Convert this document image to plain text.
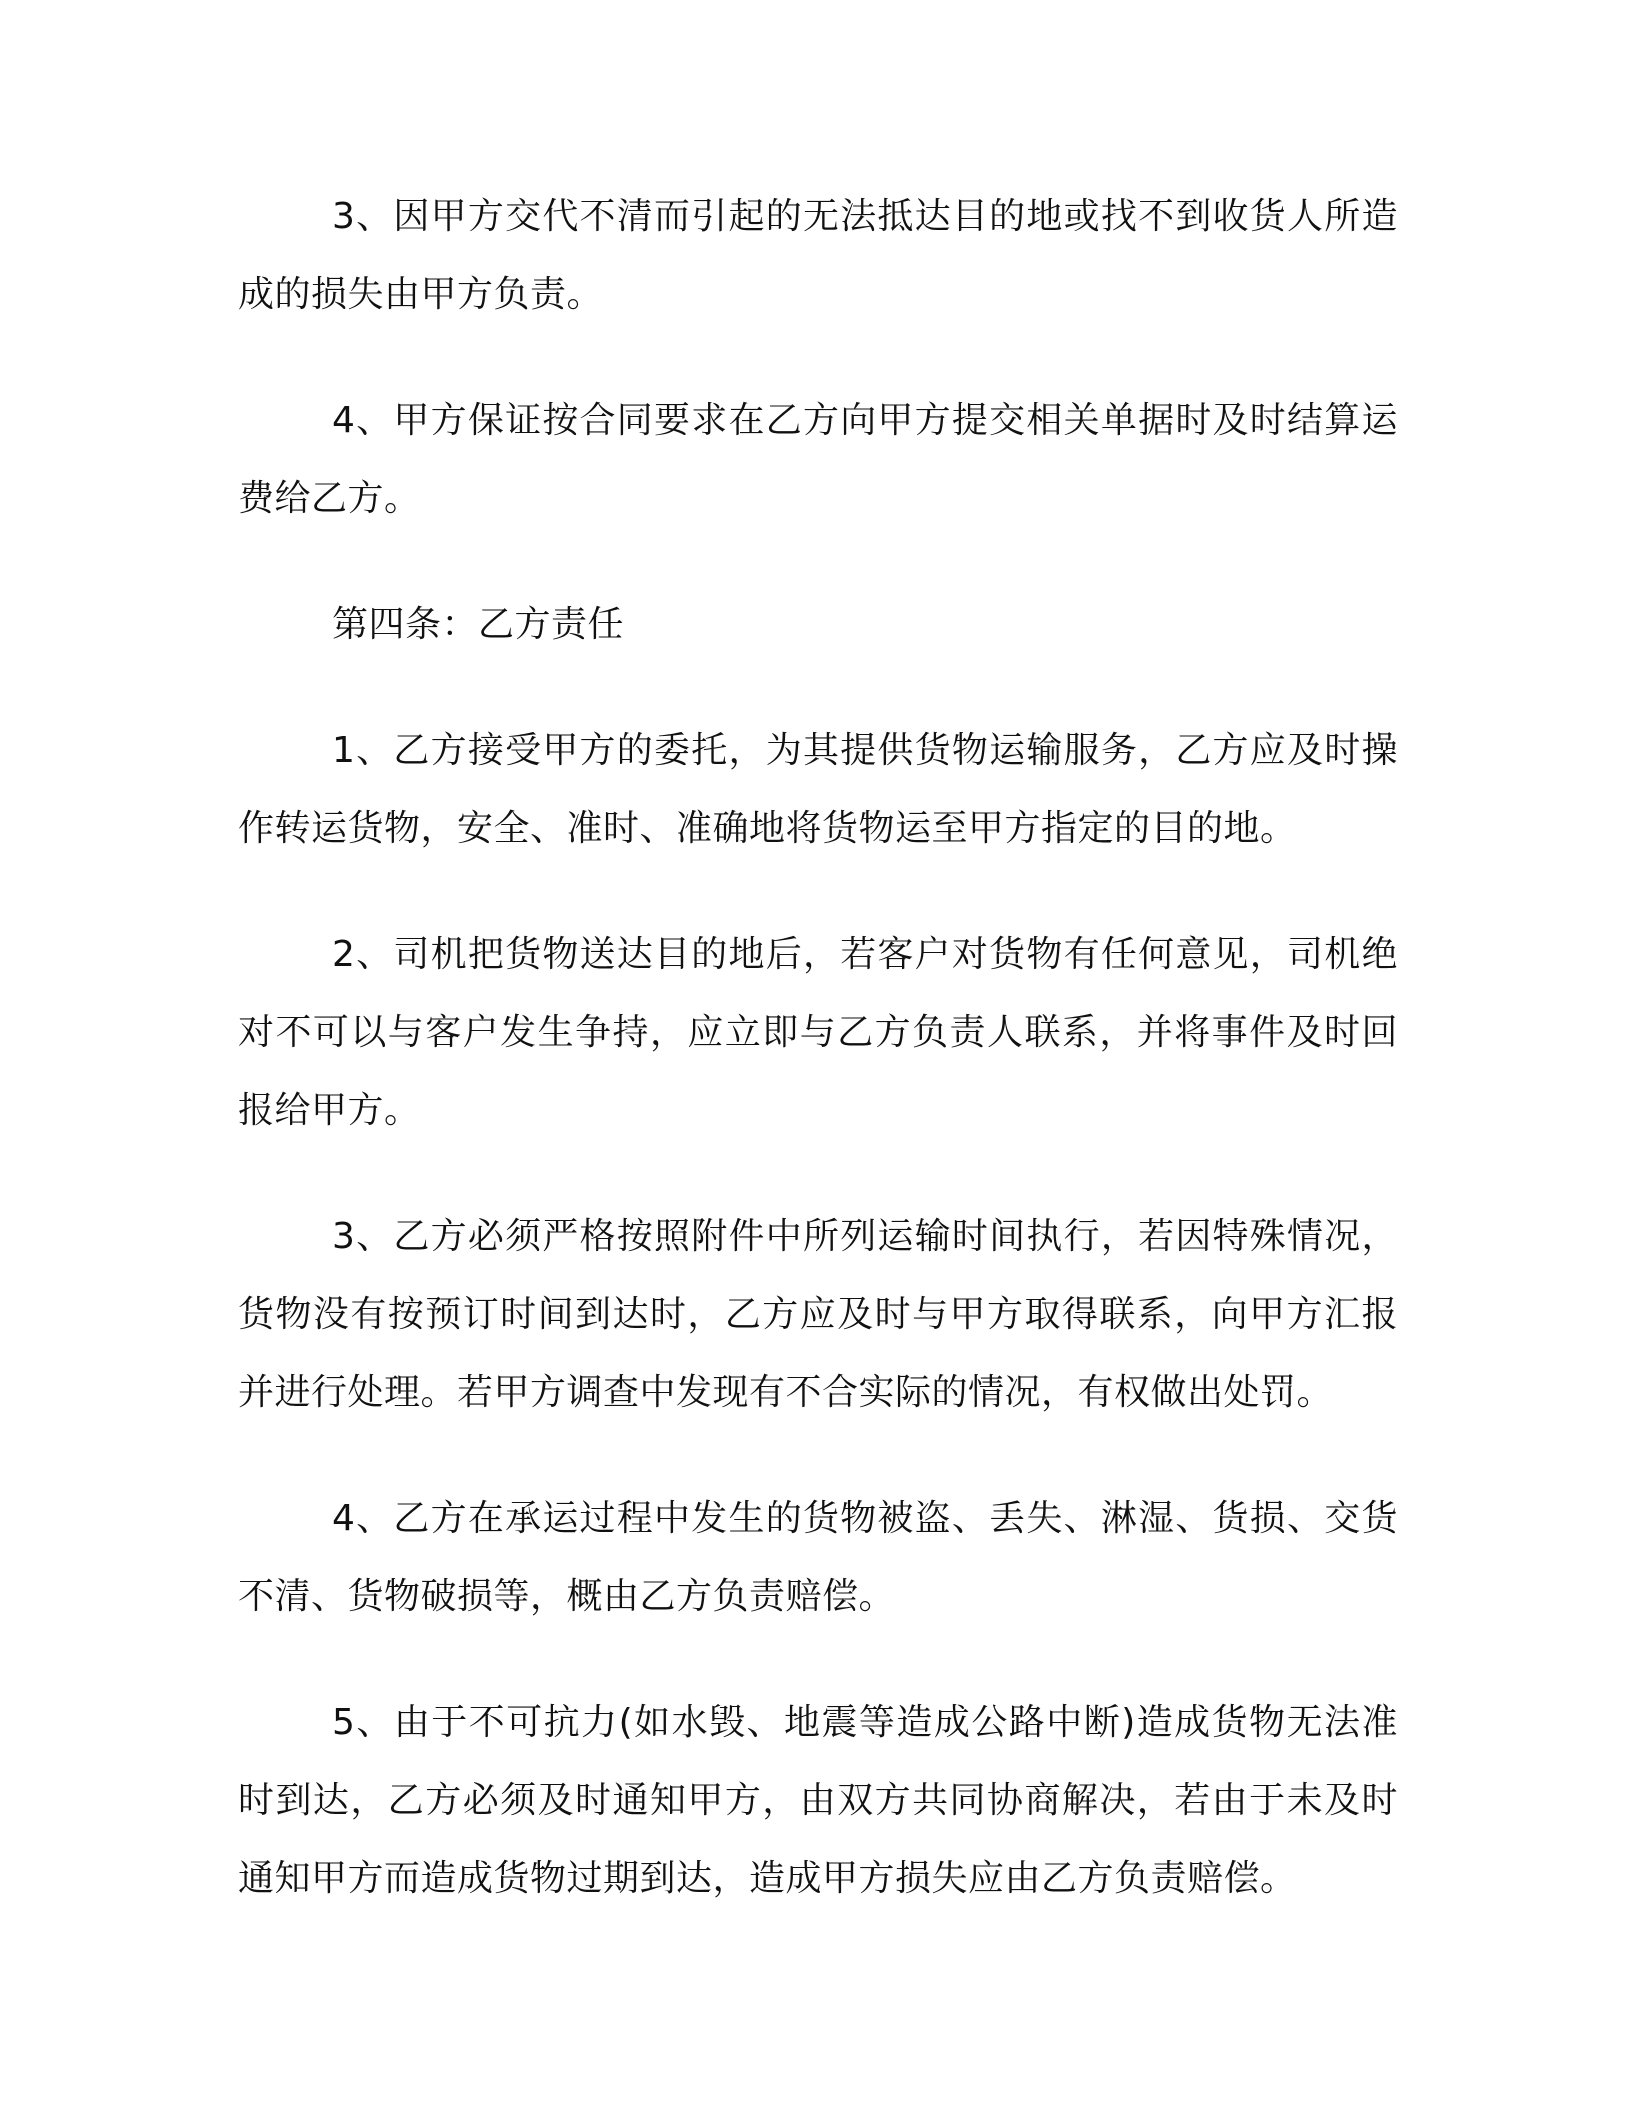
3、因甲方交代不清而引起的无法抵达目的地或找不到收货人所造成的损失由甲方负责。

4、甲方保证按合同要求在乙方向甲方提交相关单据时及时结算运费给乙方。

第四条：乙方责任

1、乙方接受甲方的委托，为其提供货物运输服务，乙方应及时操作转运货物，安全、准时、准确地将货物运至甲方指定的目的地。

2、司机把货物送达目的地后，若客户对货物有任何意见，司机绝对不可以与客户发生争持，应立即与乙方负责人联系，并将事件及时回报给甲方。

3、乙方必须严格按照附件中所列运输时间执行，若因特殊情况，货物没有按预订时间到达时，乙方应及时与甲方取得联系，向甲方汇报并进行处理。若甲方调查中发现有不合实际的情况，有权做出处罚。

4、乙方在承运过程中发生的货物被盗、丢失、淋湿、货损、交货不清、货物破损等，概由乙方负责赔偿。

5、由于不可抗力(如水毁、地震等造成公路中断)造成货物无法准时到达，乙方必须及时通知甲方，由双方共同协商解决，若由于未及时通知甲方而造成货物过期到达，造成甲方损失应由乙方负责赔偿。
